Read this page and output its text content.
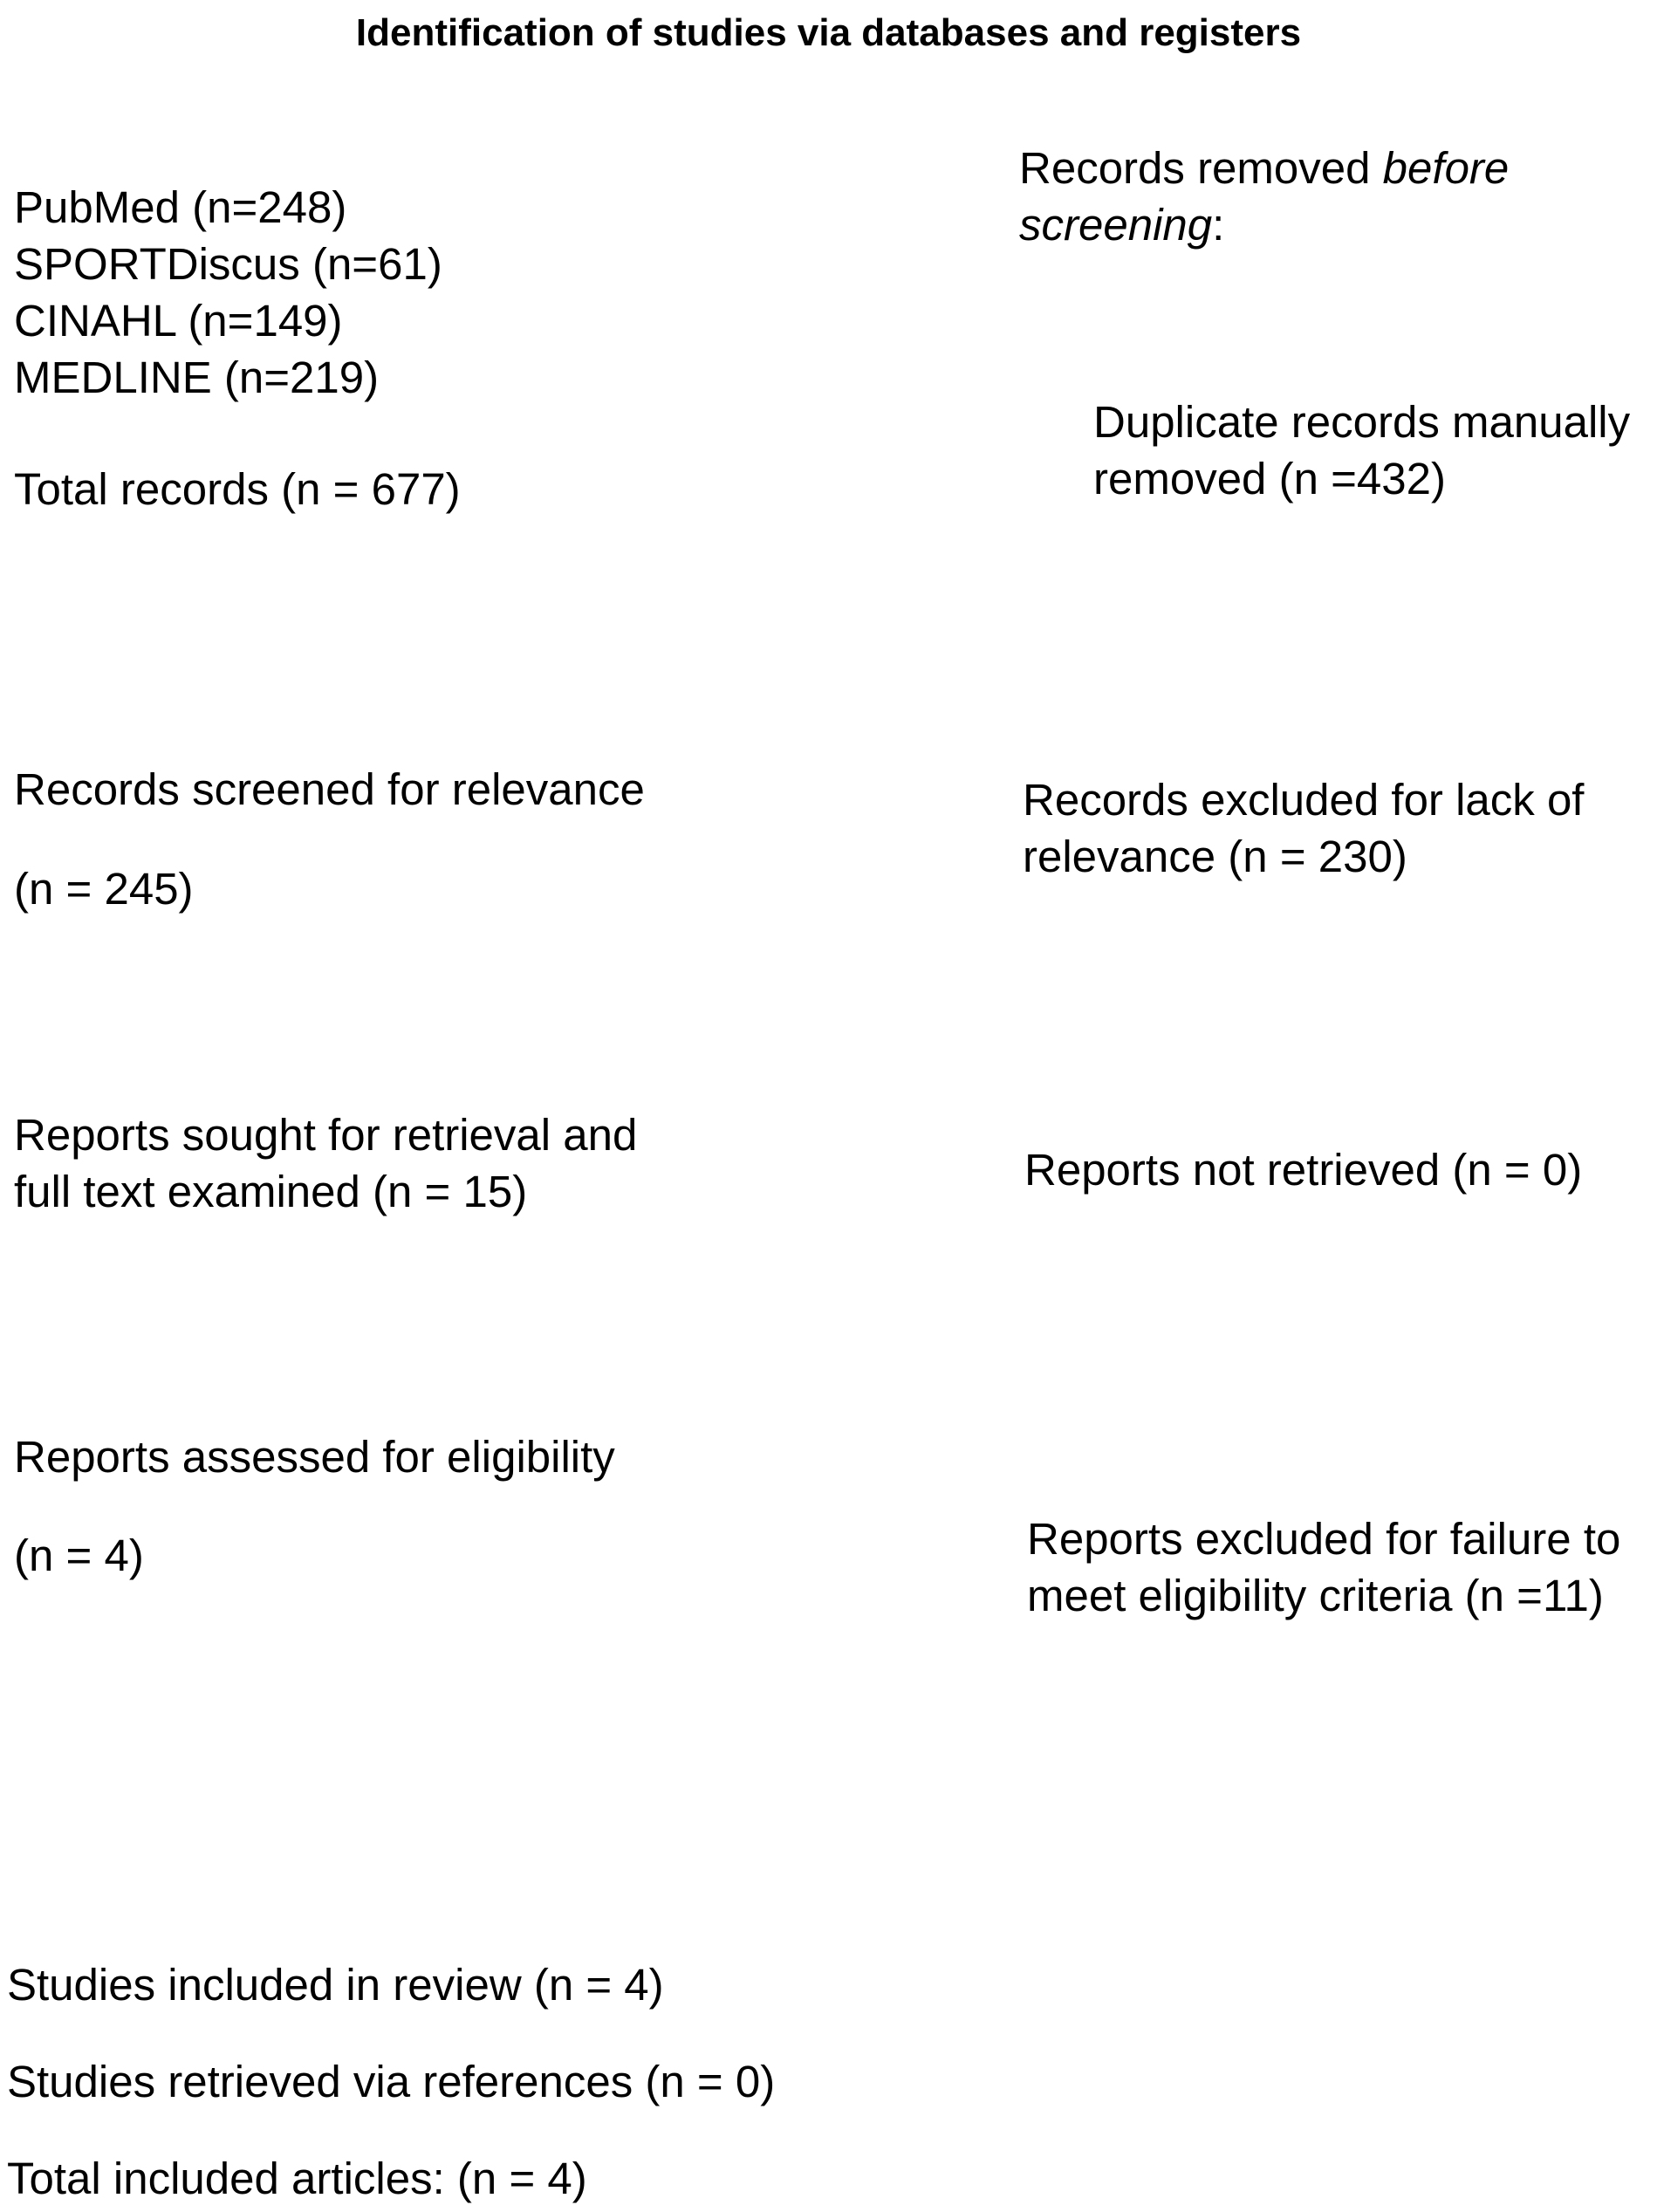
Identification of studies via databases and registers
PubMed (n=248)
SPORTDiscus (n=61)
CINAHL (n=149)
MEDLINE (n=219)
Total records (n = 677)
Records removed before
screening:
Duplicate records manually
removed (n =432)
Records screened for relevance
(n = 245)
Records excluded for lack of
relevance (n = 230)
Reports sought for retrieval and
full text examined (n = 15)	Reports not retrieved (n = 0)
Reports assessed for eligibility
(n = 4)	Reports excluded for failure to
meet eligibility criteria (n =11)
Studies included in review (n = 4)
Studies retrieved via references (n = 0)
Total included articles: (n = 4)
